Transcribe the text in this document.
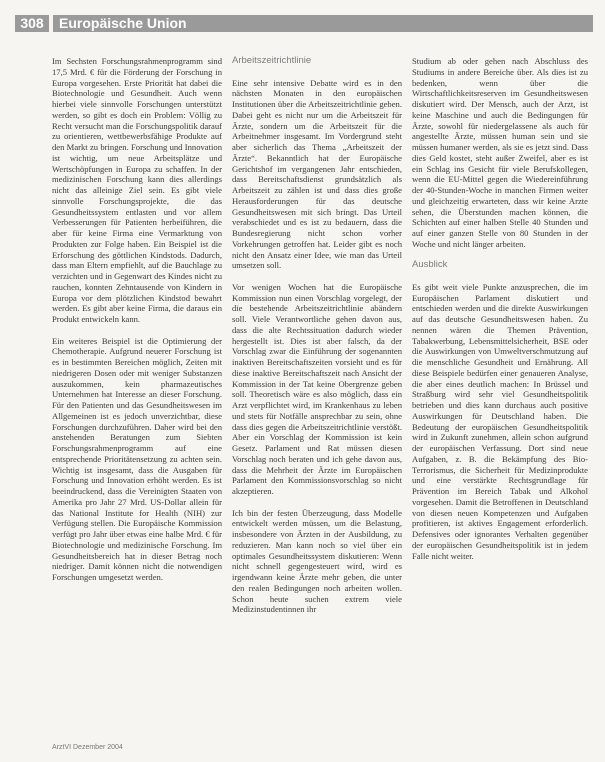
308	Europäische Union

Im Sechsten Forschungsrahmenprogramm sind 17,5 Mrd. € für die Förderung der Forschung in Europa vorgesehen. Erste Priorität hat dabei die Biotechnologie und Gesundheit. Auch wenn hierbei viele sinnvolle Forschungen unterstützt werden, so gibt es doch ein Problem: Völlig zu Recht versucht man die Forschungspolitik darauf zu orientieren, wettbewerbsfähige Produkte auf den Markt zu bringen. Forschung und Innovation ist wichtig, um neue Arbeitsplätze und Wertschöpfungen in Europa zu schaffen. In der medizinischen Forschung kann dies allerdings nicht das alleinige Ziel sein. Es gibt viele sinnvolle Forschungsprojekte, die das Gesundheitssystem entlasten und vor allem Verbesserungen für Patienten herbeiführen, die aber für keine Firma eine Vermarktung von Produkten zur Folge haben. Ein Beispiel ist die Erforschung des göttlichen Kindstods. Dadurch, dass man Eltern empfiehlt, auf die Bauchlage zu verzichten und in Gegenwart des Kindes nicht zu rauchen, konnten Zehntausende von Kindern in Europa vor dem plötzlichen Kindstod bewahrt werden. Es gibt aber keine Firma, die daraus ein Produkt entwickeln kann.

Ein weiteres Beispiel ist die Optimierung der Chemotherapie. Aufgrund neuerer Forschung ist es in bestimmten Bereichen möglich, Zeiten mit niedrigeren Dosen oder mit weniger Substanzen auszukommen, kein pharmazeutisches Unternehmen hat Interesse an dieser Forschung. Für den Patienten und das Gesundheitswesen im Allgemeinen ist es jedoch unverzichtbar, diese Forschungen durchzuführen. Daher wird bei den anstehenden Beratungen zum Siebten Forschungsrahmenprogramm auf eine entsprechende Prioritätensetzung zu achten sein. Wichtig ist insgesamt, dass die Ausgaben für Forschung und Innovation erhöht werden. Es ist beeindruckend, dass die Vereinigten Staaten von Amerika pro Jahr 27 Mrd. US-Dollar allein für das National Institute for Health (NIH) zur Verfügung stellen. Die Europäische Kommission verfügt pro Jahr über etwas eine halbe Mrd. € für Biotechnologie und medizinische Forschung. Im Gesundheitsbereich hat in dieser Betrag noch niedriger. Damit können nicht die notwendigen Forschungen umgesetzt werden.

Arbeitszeitrichtlinie

Eine sehr intensive Debatte wird es in den nächsten Monaten in den europäischen Institutionen über die Arbeitszeitrichtlinie geben. Dabei geht es nicht nur um die Arbeitszeit für Ärzte, sondern um die Arbeitszeit für die Arbeitnehmer insgesamt. Im Vordergrund steht aber sicherlich das Thema „Arbeitszeit der Ärzte“. Bekanntlich hat der Europäische Gerichtshof im vergangenen Jahr entschieden, dass Bereitschaftsdienst grundsätzlich als Arbeitszeit zu zählen ist und dass dies große Herausforderungen für das deutsche Gesundheitswesen mit sich bringt. Das Urteil verabschiedet und es ist zu bedauern, dass die Bundesregierung nicht schon vorher Vorkehrungen getroffen hat. Leider gibt es noch nicht den Ansatz einer Idee, wie man das Urteil umsetzen soll.

Vor wenigen Wochen hat die Europäische Kommission nun einen Vorschlag vorgelegt, der die bestehende Arbeitszeitrichtlinie abändern soll. Viele Verantwortliche gehen davon aus, dass die alte Rechtssituation dadurch wieder hergestellt ist. Dies ist aber falsch, da der Vorschlag zwar die Einführung der sogenannten inaktiven Bereitschaftszeiten vorsieht und es für diese inaktive Bereitschaftszeit nach Ansicht der Kommission in der Tat keine Obergrenze geben soll. Theoretisch wäre es also möglich, dass ein Arzt verpflichtet wird, im Krankenhaus zu leben und stets für Notfälle ansprechbar zu sein, ohne dass dies gegen die Arbeitszeitrichtlinie verstößt. Aber ein Vorschlag der Kommission ist kein Gesetz. Parlament und Rat müssen diesen Vorschlag noch beraten und ich gehe davon aus, dass die Mehrheit der Ärzte im Europäischen Parlament den Kommissionsvorschlag so nicht akzeptieren.

Ich bin der festen Überzeugung, dass Modelle entwickelt werden müssen, um die Belastung, insbesondere von Ärzten in der Ausbildung, zu reduzieren. Man kann noch so viel über ein optimales Gesundheitssystem diskutieren: Wenn nicht schnell gegengesteuert wird, wird es irgendwann keine Ärzte mehr geben, die unter den realen Bedingungen noch arbeiten wollen. Schon heute suchen extrem viele Medizinstudentinnen ihr

Studium ab oder gehen nach Abschluss des Studiums in andere Bereiche über. Als dies ist zu bedenken, wenn über die Wirtschaftlichkeitsreserven im Gesundheitswesen diskutiert wird. Der Mensch, auch der Arzt, ist keine Maschine und auch die Bedingungen für Ärzte, sowohl für niedergelassene als auch für angestellte Ärzte, müssen human sein und sie müssen humaner werden, als sie es jetzt sind. Dass dies Geld kostet, steht außer Zweifel, aber es ist ein Schlag ins Gesicht für viele Berufskollegen, wenn die EU-Mittel gegen die Wiedereinführung der 40-Stunden-Woche in manchen Firmen weiter und gleichzeitig erwarteten, dass wir keine Arzte sehen, die Überstunden machen können, die Schichten auf einer halben Stelle 40 Stunden und auf einer ganzen Stelle von 80 Stunden in der Woche und nicht länger arbeiten.

Ausblick

Es gibt weit viele Punkte anzusprechen, die im Europäischen Parlament diskutiert und entschieden werden und die direkte Auswirkungen auf das deutsche Gesundheitswesen haben. Zu nennen wären die Themen Prävention, Tabakwerbung, Lebensmittelsicherheit, BSE oder die Auswirkungen von Umweltverschmutzung auf die menschliche Gesundheit und Ernährung. All diese Beispiele bedürfen einer genaueren Analyse, die aber eines deutlich machen: In Brüssel und Straßburg wird sehr viel Gesundheitspolitik betrieben und dies kann durchaus auch positive Auswirkungen für Deutschland haben. Die Bedeutung der europäischen Gesundheitspolitik wird in Zukunft zunehmen, allein schon aufgrund der europäischen Verfassung. Dort sind neue Aufgaben, z. B. die Bekämpfung des Bio-Terrorismus, die Sicherheit für Medizinprodukte und eine verstärkte Rechtsgrundlage für Prävention im Bereich Tabak und Alkohol vorgesehen. Damit die Betroffenen in Deutschland von diesen neuen Kompetenzen und Aufgaben profitieren, ist aktives Engagement erforderlich. Defensives oder ignorantes Verhalten gegenüber der europäischen Gesundheitspolitik ist in jedem Falle nicht weiter.

ArztVI Dezember 2004
